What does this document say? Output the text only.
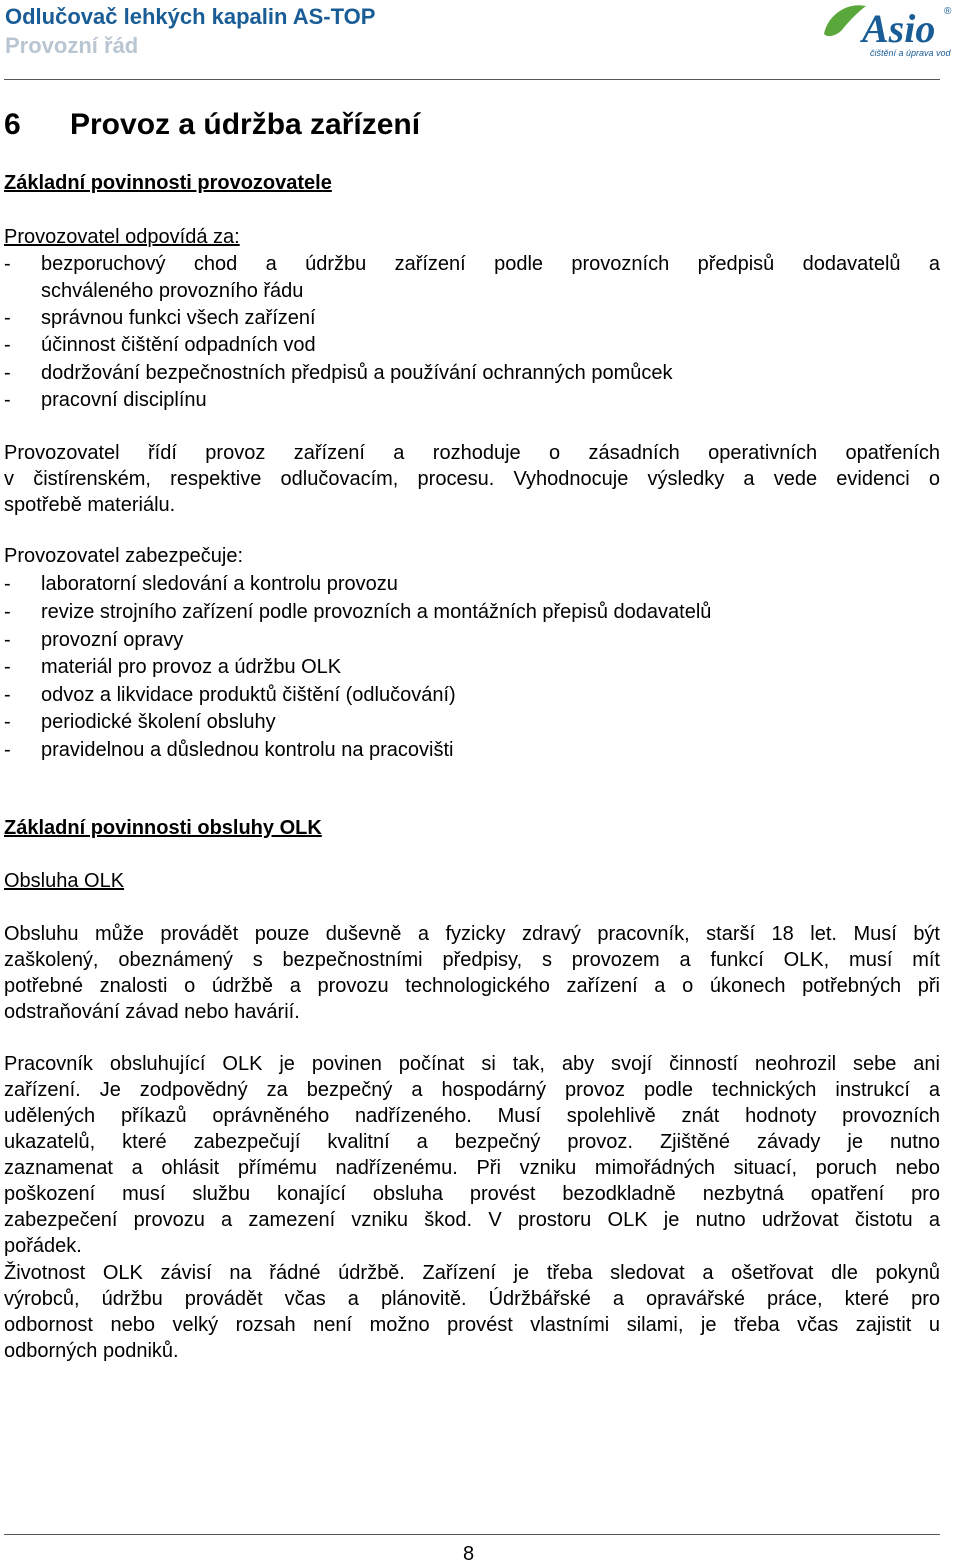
Odlučovač lehkých kapalin AS-TOP
Provozní řád	Asio ®
čištění a úprava vod
6 Provoz a údržba zařízení
Základní povinnosti provozovatele
Provozovatel odpovídá za:
- bezporuchový chod a údržbu zařízení podle provozních předpisů dodavatelů a
schváleného provozního řádu
- správnou funkci všech zařízení
- účinnost čištění odpadních vod
- dodržování bezpečnostních předpisů a používání ochranných pomůcek
- pracovní disciplínu
Provozovatel řídí provoz zařízení a rozhoduje o zásadních operativních opatřeních
v čistírenském, respektive odlučovacím, procesu. Vyhodnocuje výsledky a vede evidenci o
spotřebě materiálu.
Provozovatel zabezpečuje:
- laboratorní sledování a kontrolu provozu
- revize strojního zařízení podle provozních a montážních přepisů dodavatelů
- provozní opravy
- materiál pro provoz a údržbu OLK
- odvoz a likvidace produktů čištění (odlučování)
- periodické školení obsluhy
- pravidelnou a důslednou kontrolu na pracovišti
Základní povinnosti obsluhy OLK
Obsluha OLK
Obsluhu může provádět pouze duševně a fyzicky zdravý pracovník, starší 18 let. Musí být
zaškolený, obeznámený s bezpečnostními předpisy, s provozem a funkcí OLK, musí mít
potřebné znalosti o údržbě a provozu technologického zařízení a o úkonech potřebných při
odstraňování závad nebo havárií.
Pracovník obsluhující OLK je povinen počínat si tak, aby svojí činností neohrozil sebe ani
zařízení. Je zodpovědný za bezpečný a hospodárný provoz podle technických instrukcí a
udělených příkazů oprávněného nadřízeného. Musí spolehlivě znát hodnoty provozních
ukazatelů, které zabezpečují kvalitní a bezpečný provoz. Zjištěné závady je nutno
zaznamenat a ohlásit přímému nadřízenému. Při vzniku mimořádných situací, poruch nebo
poškození musí službu konající obsluha provést bezodkladně nezbytná opatření pro
zabezpečení provozu a zamezení vzniku škod. V prostoru OLK je nutno udržovat čistotu a
pořádek.
Životnost OLK závisí na řádné údržbě. Zařízení je třeba sledovat a ošetřovat dle pokynů
výrobců, údržbu provádět včas a plánovitě. Údržbářské a opravářské práce, které pro
odbornost nebo velký rozsah není možno provést vlastními silami, je třeba včas zajistit u
odborných podniků.
8
